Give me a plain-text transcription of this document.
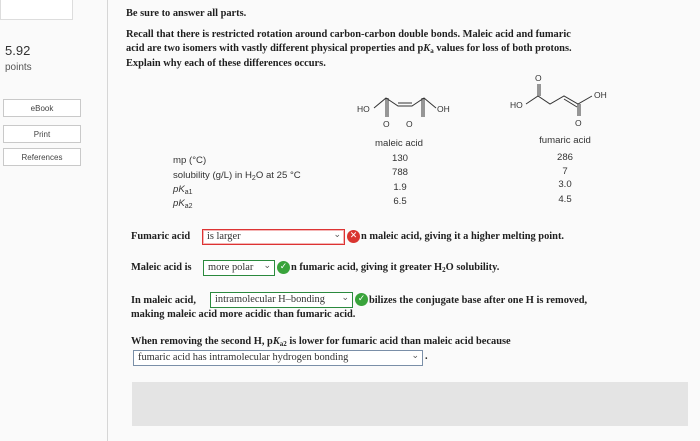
5.92
points
eBook
Print
References
Be sure to answer all parts.
Recall that there is restricted rotation around carbon-carbon double bonds. Maleic acid and fumaric
acid are two isomers with vastly different physical properties and $pK_a$ values for loss of both protons.
Explain why each of these differences occurs.
HO	OH
O O
HO
OH
O
O
maleic acid	fumaric acid
mp (°C)	130	286
solubility (g/L) in $H_2O$ at 25 °C	788	7
$pK_{a1}$	1.9	3.0
$pK_{a2}$	6.5	4.5
Fumaric acid	is larger	⌄ ✕ n maleic acid, giving it a higher melting point.
Maleic acid is	more polar ⌄ ✓ n fumaric acid, giving it greater $H_2O$ solubility.
In maleic acid,	intramolecular H–bonding ⌄ ✓ bilizes the conjugate base after one H is removed,
making maleic acid more acidic than fumaric acid.
When removing the second H, $pK_{a2}$ is lower for fumaric acid than maleic acid because
fumaric acid has intramolecular hydrogen bonding	⌄ .
